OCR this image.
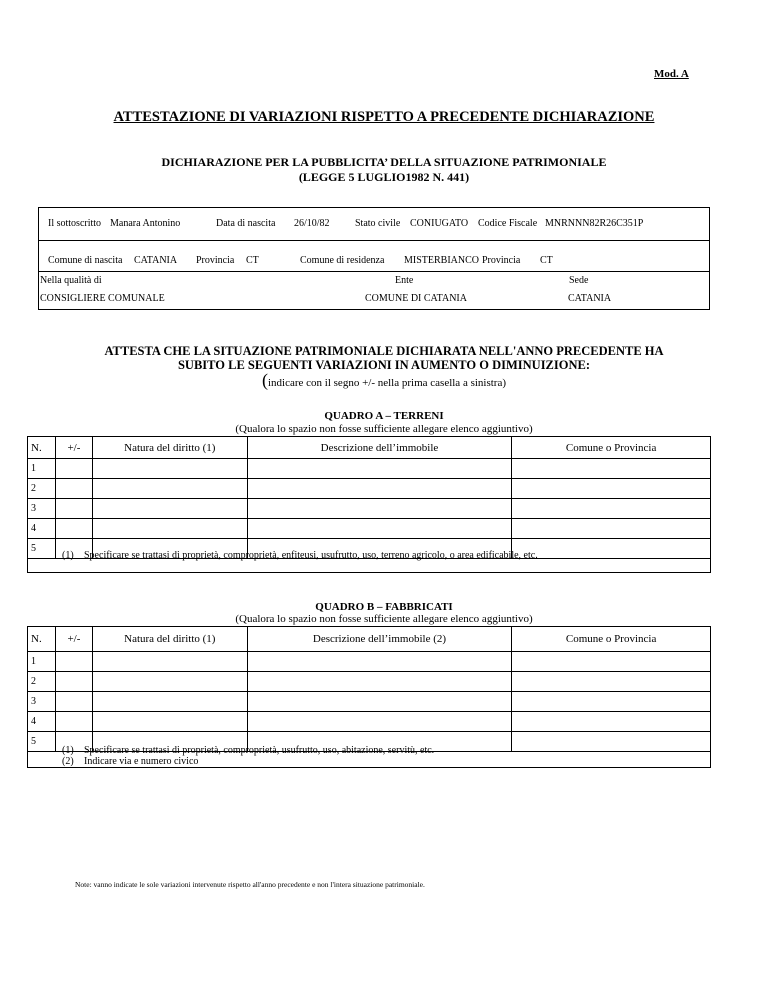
Mod. A
ATTESTAZIONE DI VARIAZIONI RISPETTO A PRECEDENTE DICHIARAZIONE
DICHIARAZIONE PER LA PUBBLICITA’ DELLA SITUAZIONE PATRIMONIALE
(LEGGE 5 LUGLIO1982 N. 441)
Il sottoscritto Manara Antonino	Data di nascita 26/10/82	Stato civile CONIUGATO Codice Fiscale MNRNNN82R26C351P
Comune di nascita CATANIA Provincia CT	Comune di residenza MISTERBIANCO Provincia CT
Nella qualità di	Ente	Sede
CONSIGLIERE COMUNALE	COMUNE DI CATANIA	CATANIA
ATTESTA CHE LA SITUAZIONE PATRIMONIALE DICHIARATA NELL'ANNO PRECEDENTE HA
SUBITO LE SEGUENTI VARIAZIONI IN AUMENTO O DIMINUIZIONE:
(indicare con il segno +/- nella prima casella a sinistra)
QUADRO A – TERRENI
(Qualora lo spazio non fosse sufficiente allegare elenco aggiuntivo)
N.	+/-	Natura del diritto (1)	Descrizione dell’immobile	Comune o Provincia
1				
2				
3				
4				
5				
(1) Specificare se trattasi di proprietà, comproprietà, enfiteusi, usufrutto, uso, terreno agricolo, o area edificabile, etc.
QUADRO B – FABBRICATI
(Qualora lo spazio non fosse sufficiente allegare elenco aggiuntivo)
N.	+/-	Natura del diritto (1)	Descrizione dell’immobile (2)	Comune o Provincia
1				
2				
3				
4				
5				
(1) Specificare se trattasi di proprietà, comproprietà, usufrutto, uso, abitazione, servitù, etc.
(2) Indicare via e numero civico
Note: vanno indicate le sole variazioni intervenute rispetto all'anno precedente e non l'intera situazione patrimoniale.
